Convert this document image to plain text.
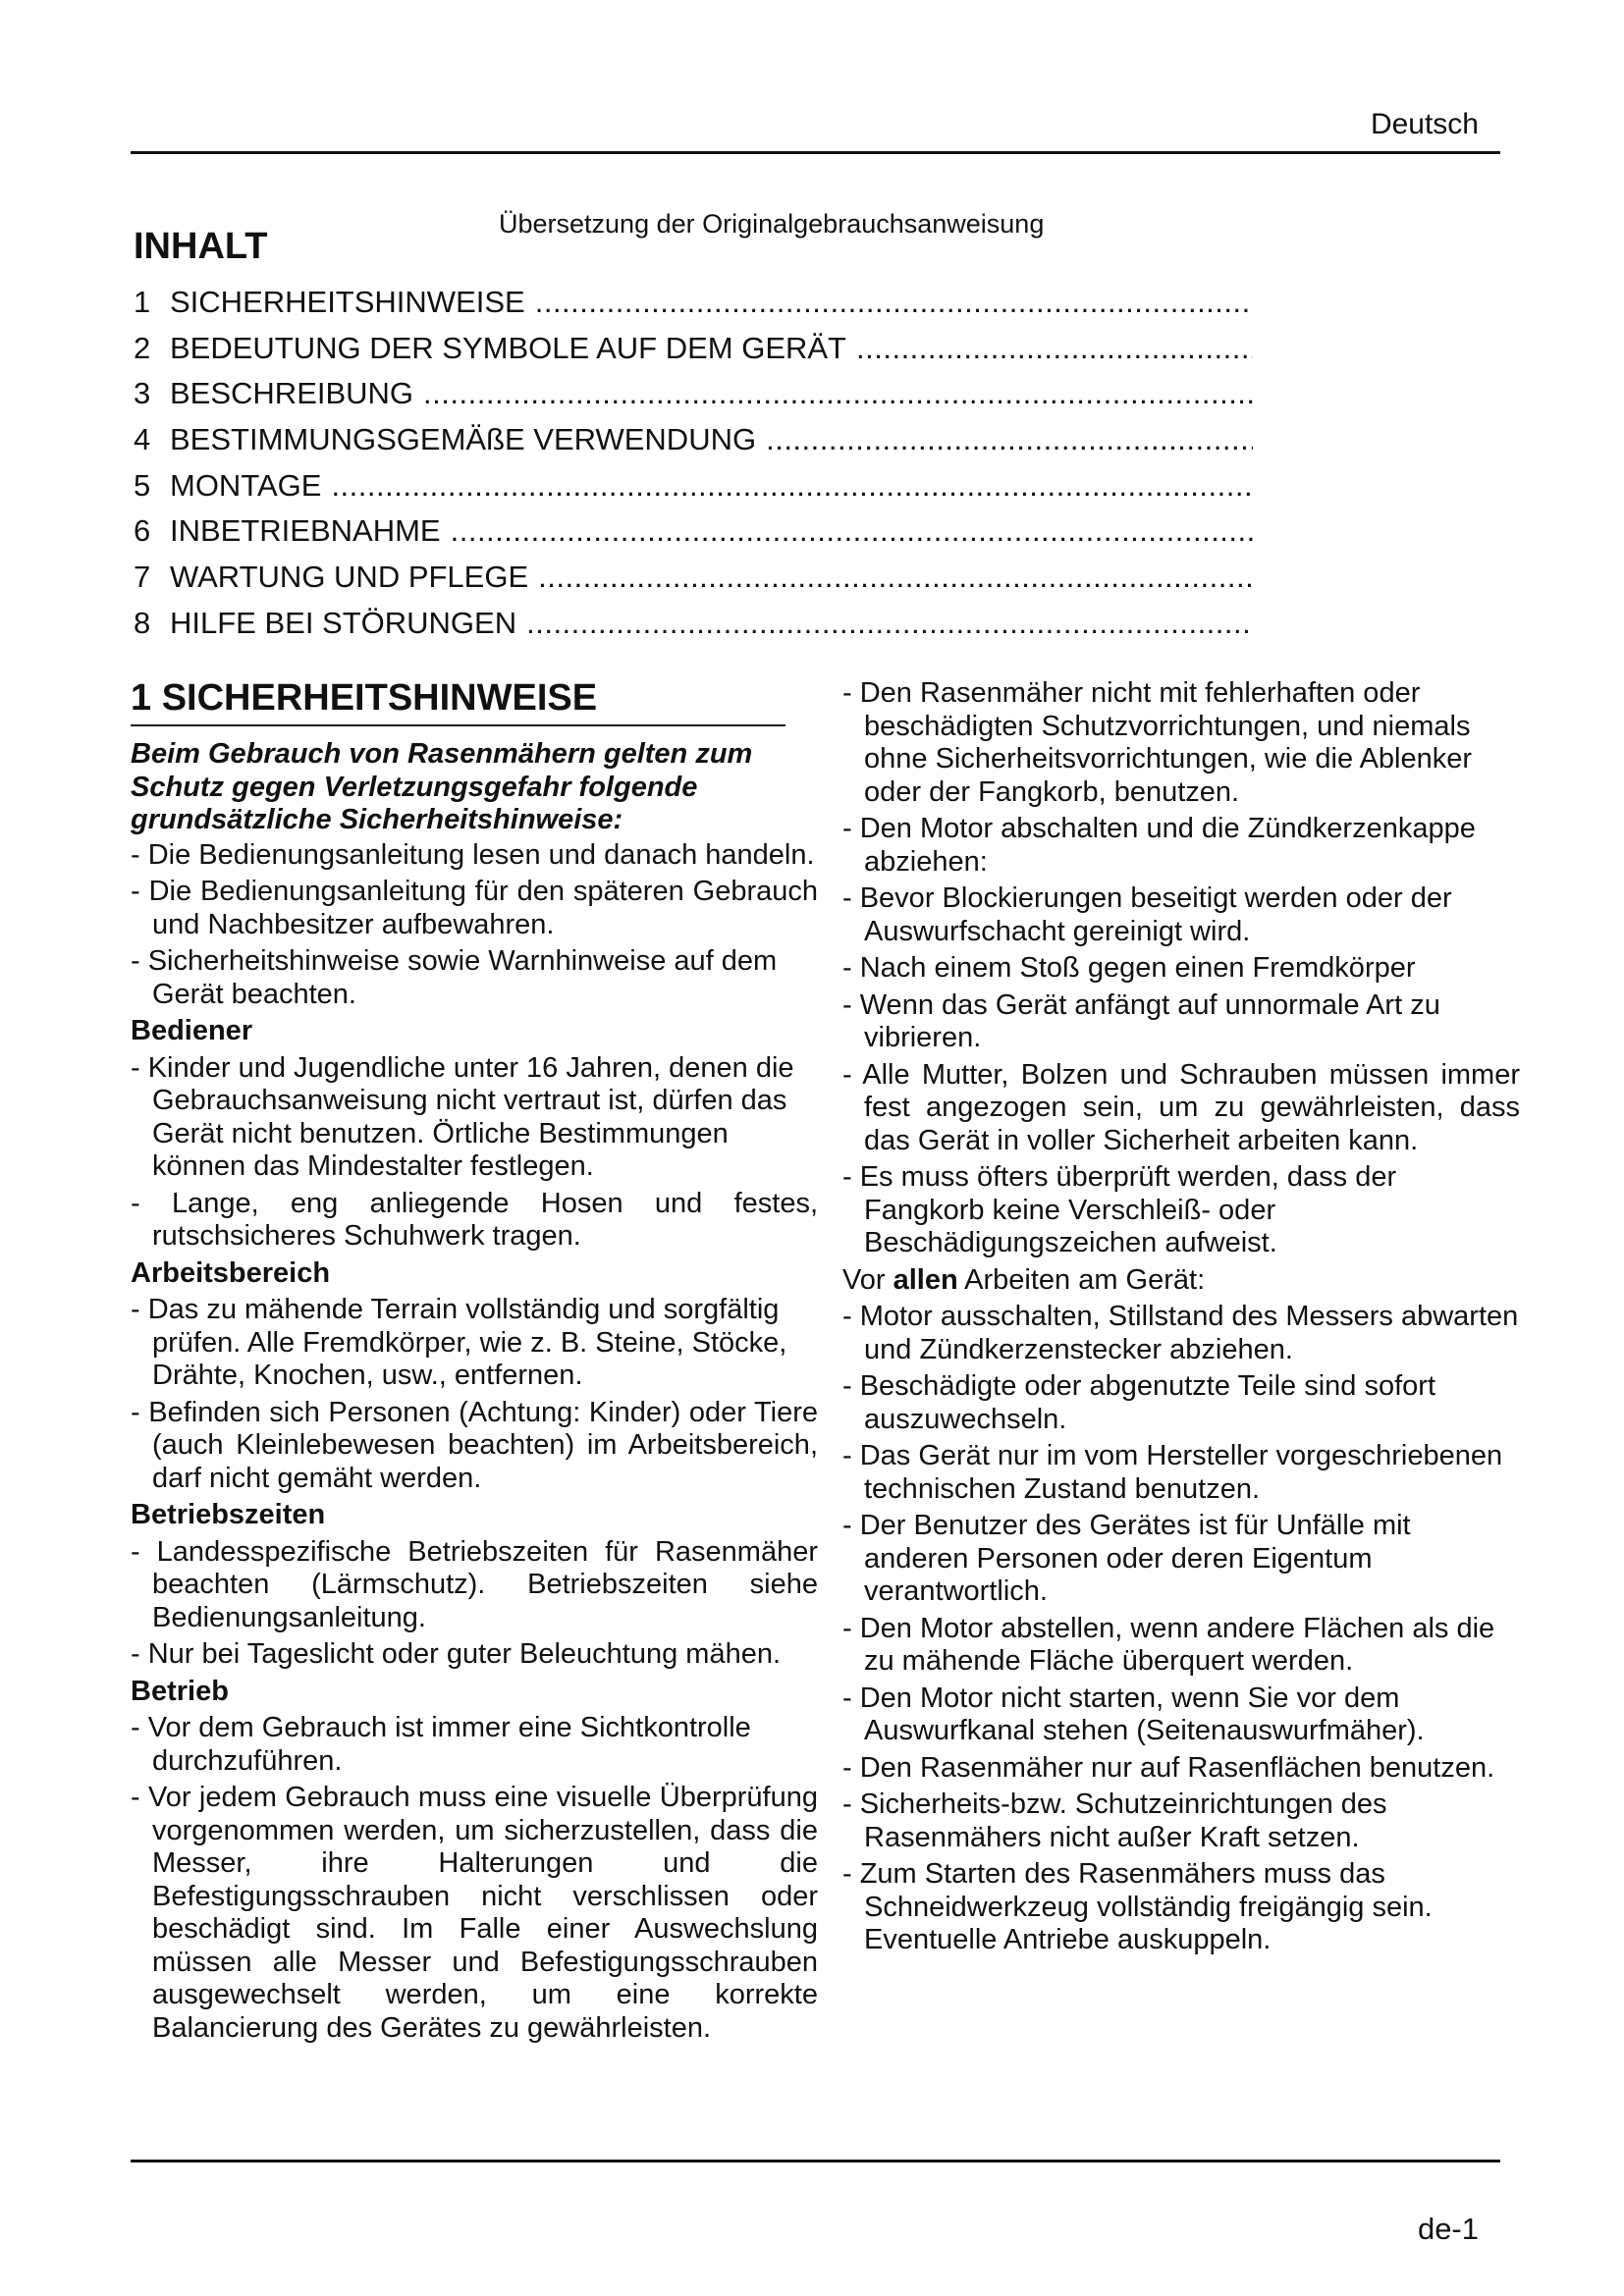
Deutsch
Übersetzung der Originalgebrauchsanweisung
INHALT
1 SICHERHEITSHINWEISE
.....
2 BEDEUTUNG DER SYMBOLE AUF DEM GERÄT
.....
3 BESCHREIBUNG
.....
4 BESTIMMUNGSGEMÄßE VERWENDUNG
.....
5 MONTAGE
.....
6 INBETRIEBNAHME
.....
7 WARTUNG UND PFLEGE
.....
8 HILFE BEI STÖRUNGEN
.....
1 SICHERHEITSHINWEISE
Beim Gebrauch von Rasenmähern gelten zum Schutz gegen Verletzungsgefahr folgende grundsätzliche Sicherheitshinweise:
- Die Bedienungsanleitung lesen und danach handeln.
- Die Bedienungsanleitung für den späteren Gebrauch und Nachbesitzer aufbewahren.
- Sicherheitshinweise sowie Warnhinweise auf dem Gerät beachten.
Bediener
- Kinder und Jugendliche unter 16 Jahren, denen die Gebrauchsanweisung nicht vertraut ist, dürfen das Gerät nicht benutzen. Örtliche Bestimmungen können das Mindestalter festlegen.
- Lange, eng anliegende Hosen und festes, rutschsicheres Schuhwerk tragen.
Arbeitsbereich
- Das zu mähende Terrain vollständig und sorgfältig prüfen. Alle Fremdkörper, wie z. B. Steine, Stöcke, Drähte, Knochen, usw., entfernen.
- Befinden sich Personen (Achtung: Kinder) oder Tiere (auch Kleinlebewesen beachten) im Arbeitsbereich, darf nicht gemäht werden.
Betriebszeiten
- Landesspezifische Betriebszeiten für Rasenmäher beachten (Lärmschutz). Betriebszeiten siehe Bedienungsanleitung.
- Nur bei Tageslicht oder guter Beleuchtung mähen.
Betrieb
- Vor dem Gebrauch ist immer eine Sichtkontrolle durchzuführen.
- Vor jedem Gebrauch muss eine visuelle Überprüfung vorgenommen werden, um sicherzustellen, dass die Messer, ihre Halterungen und die Befestigungsschrauben nicht verschlissen oder beschädigt sind. Im Falle einer Auswechslung müssen alle Messer und Befestigungsschrauben ausgewechselt werden, um eine korrekte Balancierung des Gerätes zu gewährleisten.
- Den Rasenmäher nicht mit fehlerhaften oder beschädigten Schutzvorrichtungen, und niemals ohne Sicherheitsvorrichtungen, wie die Ablenker oder der Fangkorb, benutzen.
- Den Motor abschalten und die Zündkerzenkappe abziehen:
- Bevor Blockierungen beseitigt werden oder der Auswurfschacht gereinigt wird.
- Nach einem Stoß gegen einen Fremdkörper
- Wenn das Gerät anfängt auf unnormale Art zu vibrieren.
- Alle Mutter, Bolzen und Schrauben müssen immer fest angezogen sein, um zu gewährleisten, dass das Gerät in voller Sicherheit arbeiten kann.
- Es muss öfters überprüft werden, dass der Fangkorb keine Verschleiß- oder Beschädigungszeichen aufweist.
Vor allen Arbeiten am Gerät:
- Motor ausschalten, Stillstand des Messers abwarten und Zündkerzenstecker abziehen.
- Beschädigte oder abgenutzte Teile sind sofort auszuwechseln.
- Das Gerät nur im vom Hersteller vorgeschriebenen technischen Zustand benutzen.
- Der Benutzer des Gerätes ist für Unfälle mit anderen Personen oder deren Eigentum verantwortlich.
- Den Motor abstellen, wenn andere Flächen als die zu mähende Fläche überquert werden.
- Den Motor nicht starten, wenn Sie vor dem Auswurfkanal stehen (Seitenauswurfmäher).
- Den Rasenmäher nur auf Rasenflächen benutzen.
- Sicherheits-bzw. Schutzeinrichtungen des Rasenmähers nicht außer Kraft setzen.
- Zum Starten des Rasenmähers muss das Schneidwerkzeug vollständig freigängig sein. Eventuelle Antriebe auskuppeln.
de-1
